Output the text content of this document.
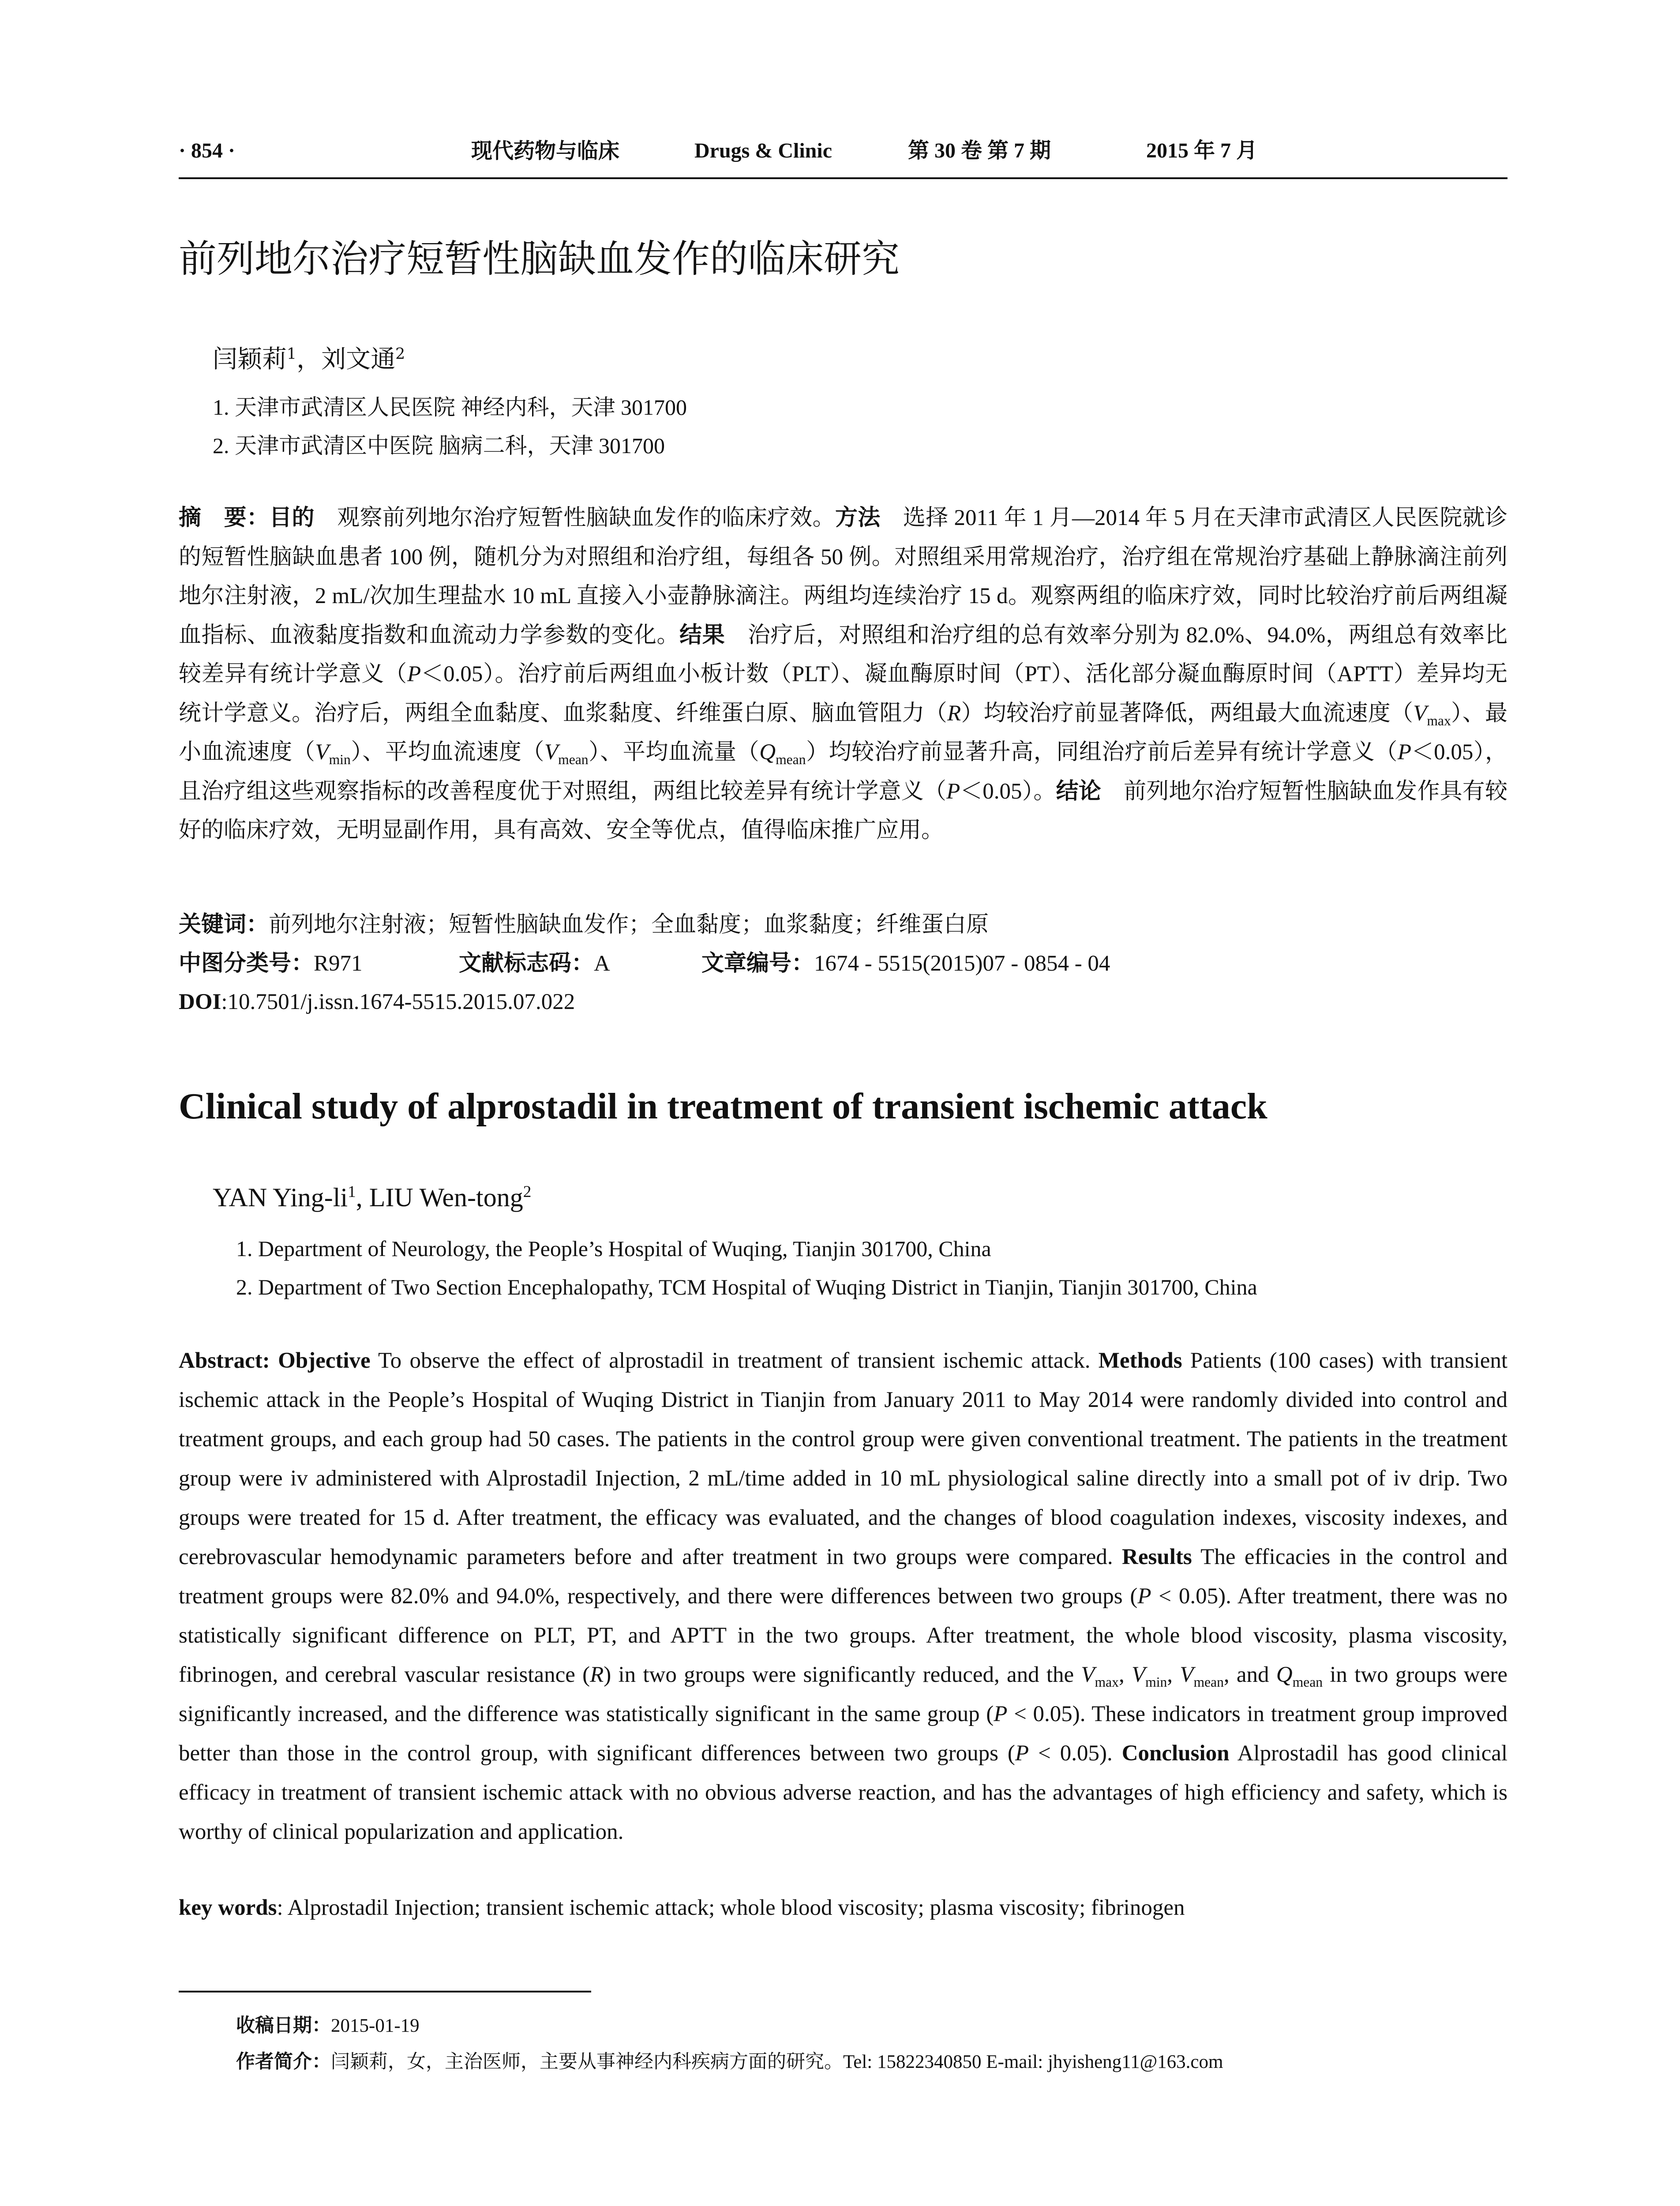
· 854 ·	现代药物与临床	Drugs & Clinic	第 30 卷 第 7 期	2015 年 7 月
前列地尔治疗短暂性脑缺血发作的临床研究
闫颖莉$^1$，刘文通$^2$
1. 天津市武清区人民医院 神经内科，天津 301700
2. 天津市武清区中医院 脑病二科，天津 301700
摘　要：目的　观察前列地尔治疗短暂性脑缺血发作的临床疗效。方法　选择 2011 年 1 月—2014 年 5 月在天津市武清区人民医院就诊的短暂性脑缺血患者 100 例，随机分为对照组和治疗组，每组各 50 例。对照组采用常规治疗，治疗组在常规治疗基础上静脉滴注前列地尔注射液，2 mL/次加生理盐水 10 mL 直接入小壶静脉滴注。两组均连续治疗 15 d。观察两组的临床疗效，同时比较治疗前后两组凝血指标、血液黏度指数和血流动力学参数的变化。结果　治疗后，对照组和治疗组的总有效率分别为 82.0%、94.0%，两组总有效率比较差异有统计学意义（P＜0.05）。治疗前后两组血小板计数（PLT）、凝血酶原时间（PT）、活化部分凝血酶原时间（APTT）差异均无统计学意义。治疗后，两组全血黏度、血浆黏度、纤维蛋白原、脑血管阻力（R）均较治疗前显著降低，两组最大血流速度$(V_{max})$、最小血流速度$(V_{min})$、平均血流速度$(V_{mean})$、平均血流量$(Q_{mean})$均较治疗前显著升高，同组治疗前后差异有统计学意义（P＜0.05），且治疗组这些观察指标的改善程度优于对照组，两组比较差异有统计学意义（P＜0.05）。结论　前列地尔治疗短暂性脑缺血发作具有较好的临床疗效，无明显副作用，具有高效、安全等优点，值得临床推广应用。
关键词：前列地尔注射液；短暂性脑缺血发作；全血黏度；血浆黏度；纤维蛋白原
中图分类号：R971	文献标志码：A	文章编号：1674 - 5515(2015)07 - 0854 - 04
DOI:10.7501/j.issn.1674-5515.2015.07.022
Clinical study of alprostadil in treatment of transient ischemic attack
YAN Ying-$li^1$, LIU Wen-tong$^2$
1. Department of Neurology, the People’s Hospital of Wuqing, Tianjin 301700, China
2. Department of Two Section Encephalopathy, TCM Hospital of Wuqing District in Tianjin, Tianjin 301700, China
Abstract: Objective To observe the effect of alprostadil in treatment of transient ischemic attack. Methods Patients (100 cases) with transient ischemic attack in the People’s Hospital of Wuqing District in Tianjin from January 2011 to May 2014 were randomly divided into control and treatment groups, and each group had 50 cases. The patients in the control group were given conventional treatment. The patients in the treatment group were iv administered with Alprostadil Injection, 2 mL/time added in 10 mL physiological saline directly into a small pot of iv drip. Two groups were treated for 15 d. After treatment, the efficacy was evaluated, and the changes of blood coagulation indexes, viscosity indexes, and cerebrovascular hemodynamic parameters before and after treatment in two groups were compared. Results The efficacies in the control and treatment groups were 82.0% and 94.0%, respectively, and there were differences between two groups (P < 0.05). After treatment, there was no statistically significant difference on PLT, PT, and APTT in the two groups. After treatment, the whole blood viscosity, plasma viscosity, fibrinogen, and cerebral vascular resistance (R) in two groups were significantly reduced, and the $V_{max}$, $V_{min}$, $V_{mean}$, and $Q_{mean}$ in two groups were significantly increased, and the difference was statistically significant in the same group (P < 0.05). These indicators in treatment group improved better than those in the control group, with significant differences between two groups (P < 0.05). Conclusion Alprostadil has good clinical efficacy in treatment of transient ischemic attack with no obvious adverse reaction, and has the advantages of high efficiency and safety, which is worthy of clinical popularization and application.
key words: Alprostadil Injection; transient ischemic attack; whole blood viscosity; plasma viscosity; fibrinogen
收稿日期：2015-01-19
作者简介：闫颖莉，女，主治医师，主要从事神经内科疾病方面的研究。Tel: 15822340850 E-mail: jhyisheng11@163.com
